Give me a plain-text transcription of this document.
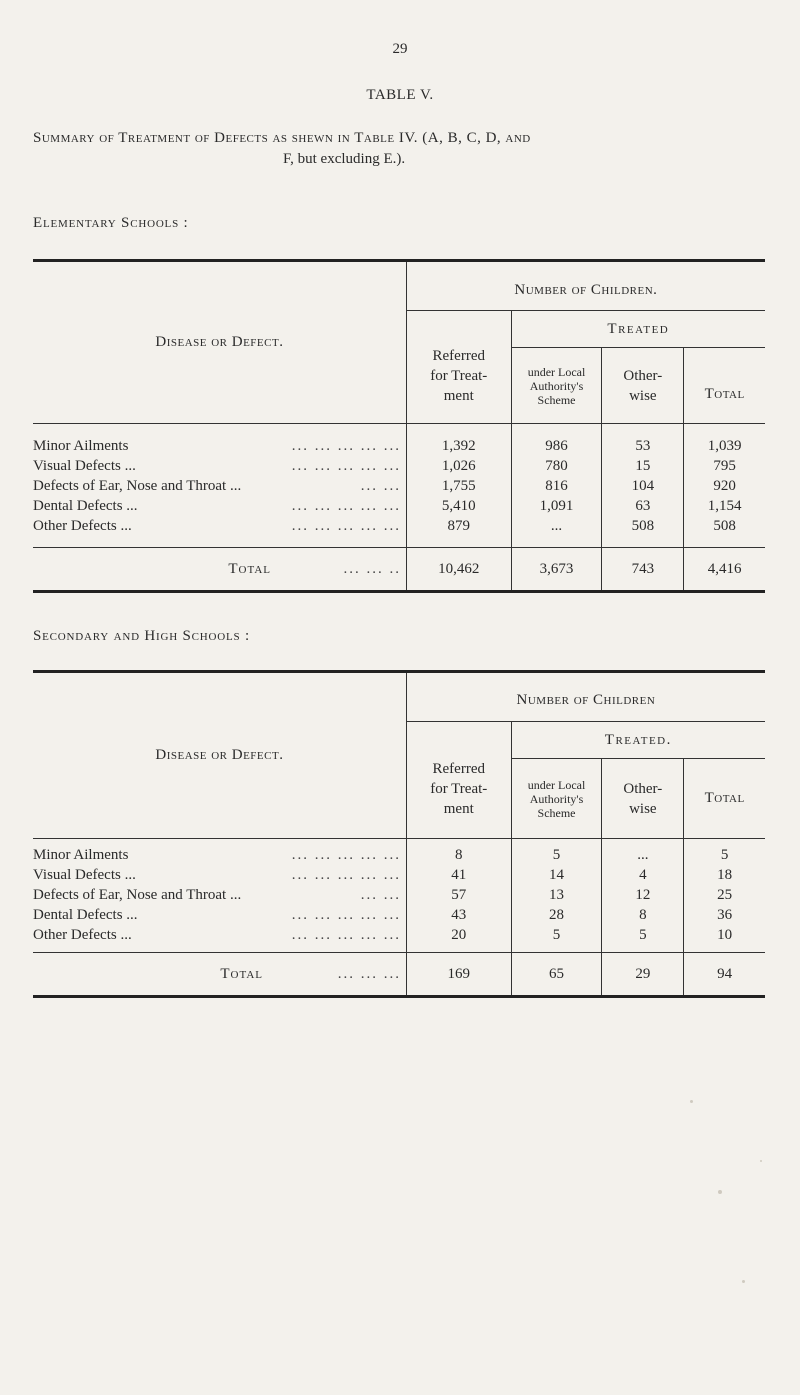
29
TABLE V.
Summary of Treatment of Defects as shewn in Table IV. (A, B, C, D, and
F, but excluding E.).
Elementary Schools :
Disease or Defect.	Number of Children.			
	Referred for Treat- ment	Treated		
		under Local Authority's Scheme	Other- wise	Total

Minor Ailments ... ... ... ... ...	1,392	986	53	1,039
Visual Defects ... ... ... ... ... ...	1,026	780	15	795
Defects of Ear, Nose and Throat ... ... ...	1,755	816	104	920
Dental Defects ... ... ... ... ... ...	5,410	1,091	63	1,154
Other Defects ... ... ... ... ... ...	879	...	508	508

Total ... ... ..	10,462	3,673	743	4,416
Secondary and High Schools :
Disease or Defect.	Number of Children			
	Referred for Treat- ment	Treated.		
		under Local Authority's Scheme	Other- wise	Total

Minor Ailments ... ... ... ... ...	8	5	...	5
Visual Defects ... ... ... ... ... ...	41	14	4	18
Defects of Ear, Nose and Throat ... ... ...	57	13	12	25
Dental Defects ... ... ... ... ... ...	43	28	8	36
Other Defects ... ... ... ... ... ...	20	5	5	10

Total ... ... ...	169	65	29	94
